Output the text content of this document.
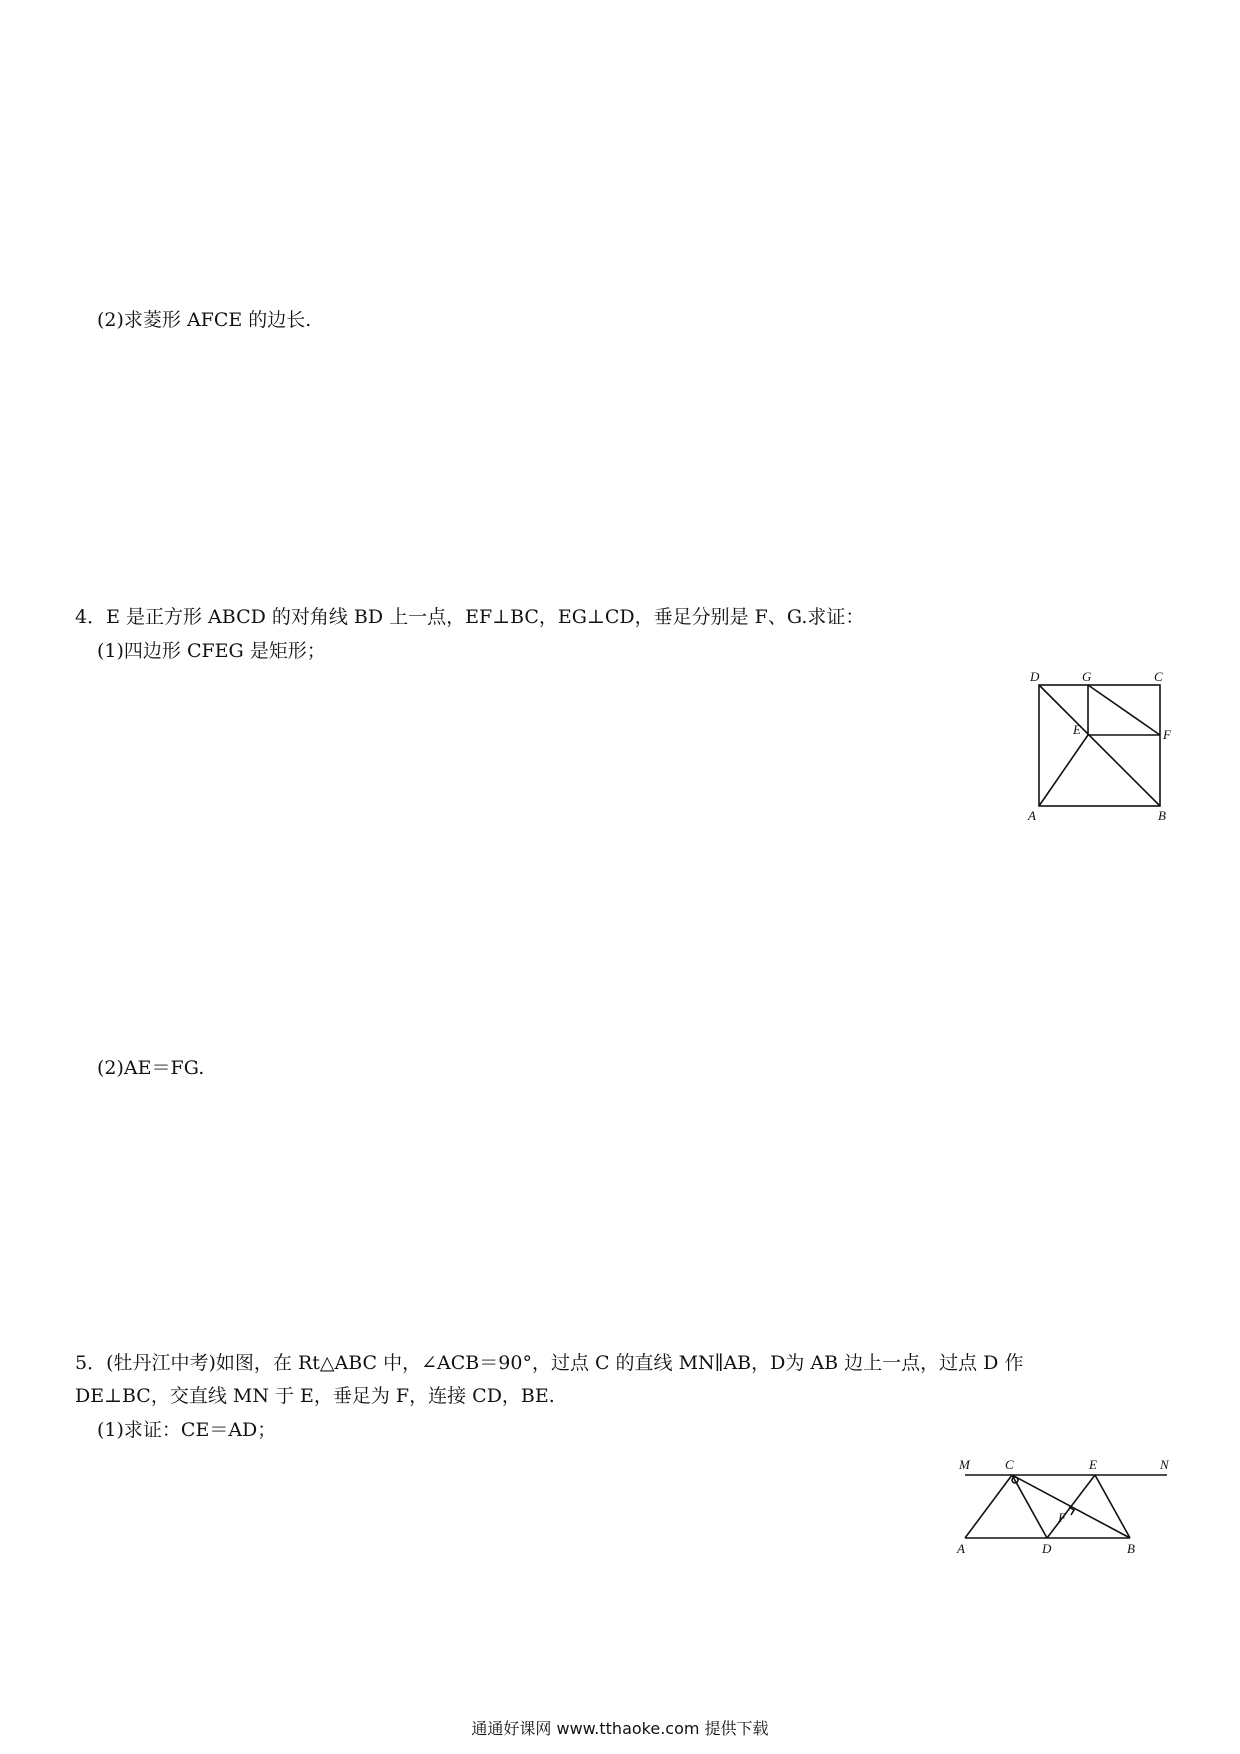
(2)求菱形 AFCE 的边长.
4．E 是正方形 ABCD 的对角线 BD 上一点，EF⊥BC，EG⊥CD，垂足分别是 F、G.求证：
(1)四边形 CFEG 是矩形；
D	G	C
E	F
A	B
(2)AE＝FG.
5．(牡丹江中考)如图，在 Rt△ABC 中，∠ACB＝90°，过点 C 的直线 MN∥AB，D为 AB 边上一点，过点 D 作
DE⊥BC，交直线 MN 于 E，垂足为 F，连接 CD，BE.
(1)求证：CE＝AD；
M	C	E	N
F
A	D	B
通通好课网 www.tthaoke.com 提供下载
